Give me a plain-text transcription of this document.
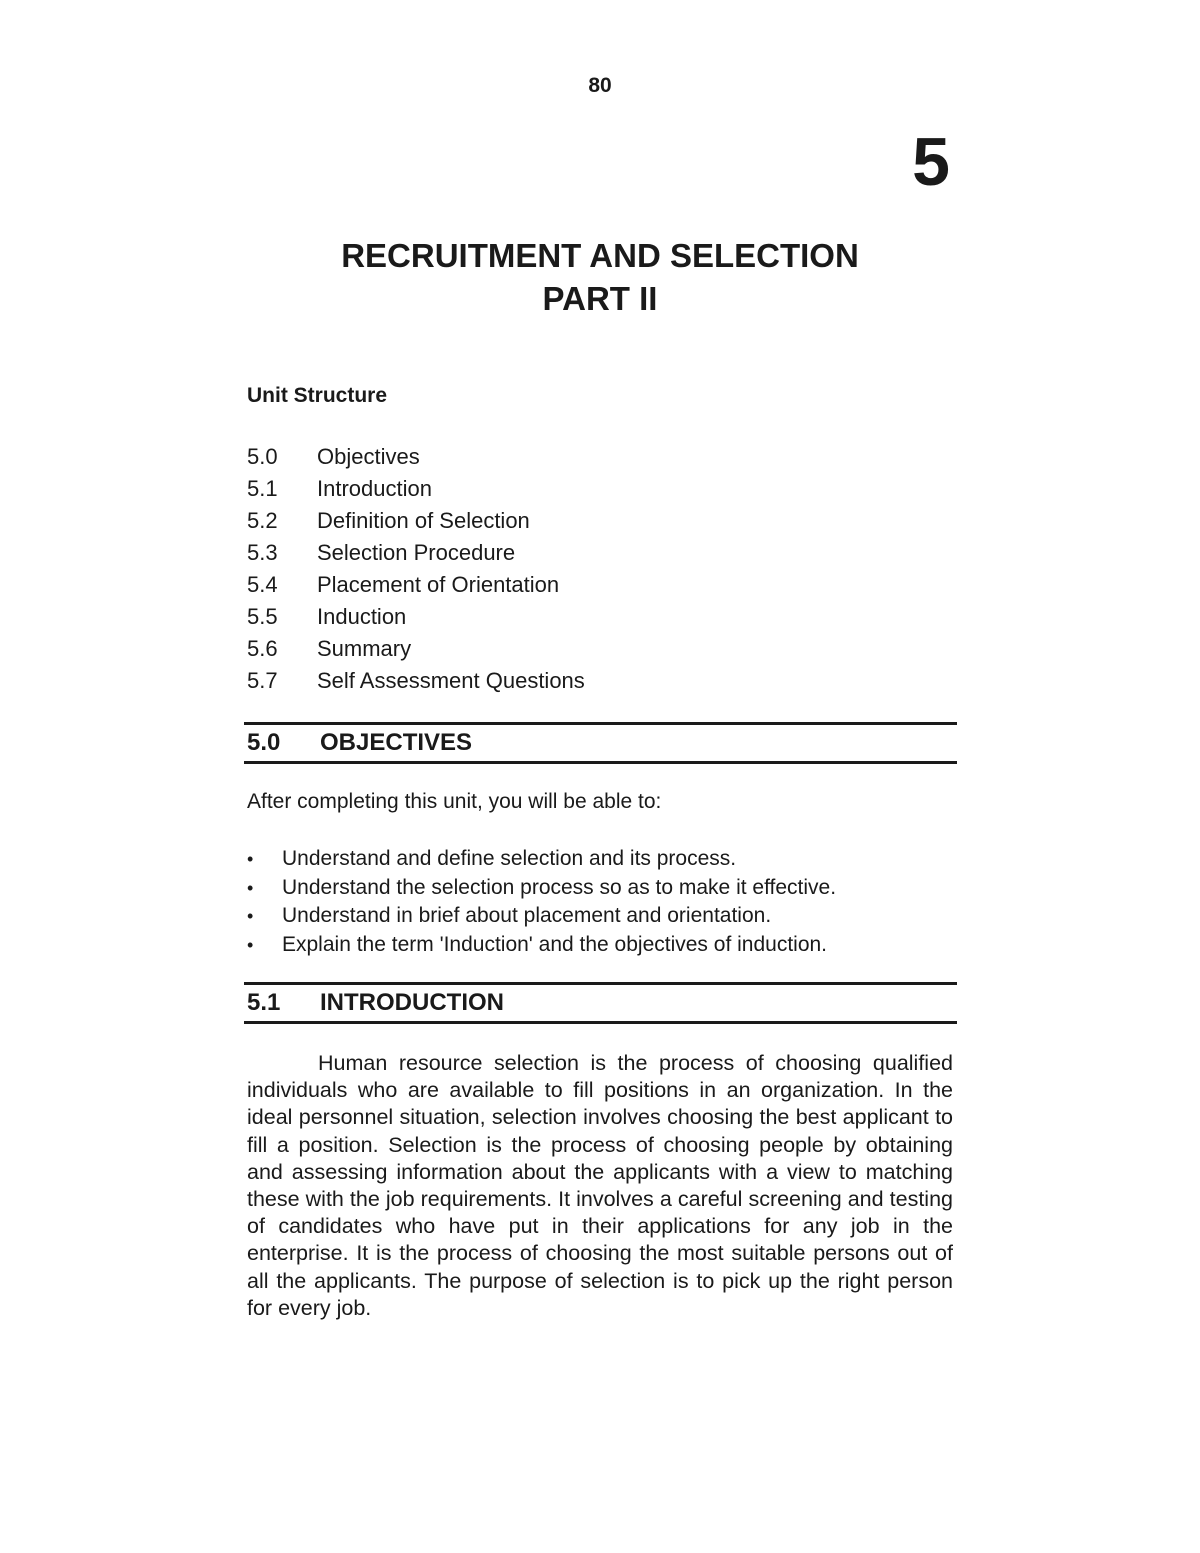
80
5
RECRUITMENT AND SELECTION
PART II
Unit Structure
5.0	Objectives
5.1	Introduction
5.2	Definition of Selection
5.3	Selection Procedure
5.4	Placement of Orientation
5.5	Induction
5.6	Summary
5.7	Self Assessment Questions
5.0	OBJECTIVES
After completing this unit, you will be able to:
•	Understand and define selection and its process.
•	Understand the selection process so as to make it effective.
•	Understand in brief about placement and orientation.
•	Explain the term 'Induction' and the objectives of induction.
5.1	INTRODUCTION

Human resource selection is the process of choosing qualified individuals who are available to fill positions in an organization. In the ideal personnel situation, selection involves choosing the best applicant to fill a position. Selection is the process of choosing people by obtaining and assessing information about the applicants with a view to matching these with the job requirements. It involves a careful screening and testing of candidates who have put in their applications for any job in the enterprise. It is the process of choosing the most suitable persons out of all the applicants. The purpose of selection is to pick up the right person for every job.
